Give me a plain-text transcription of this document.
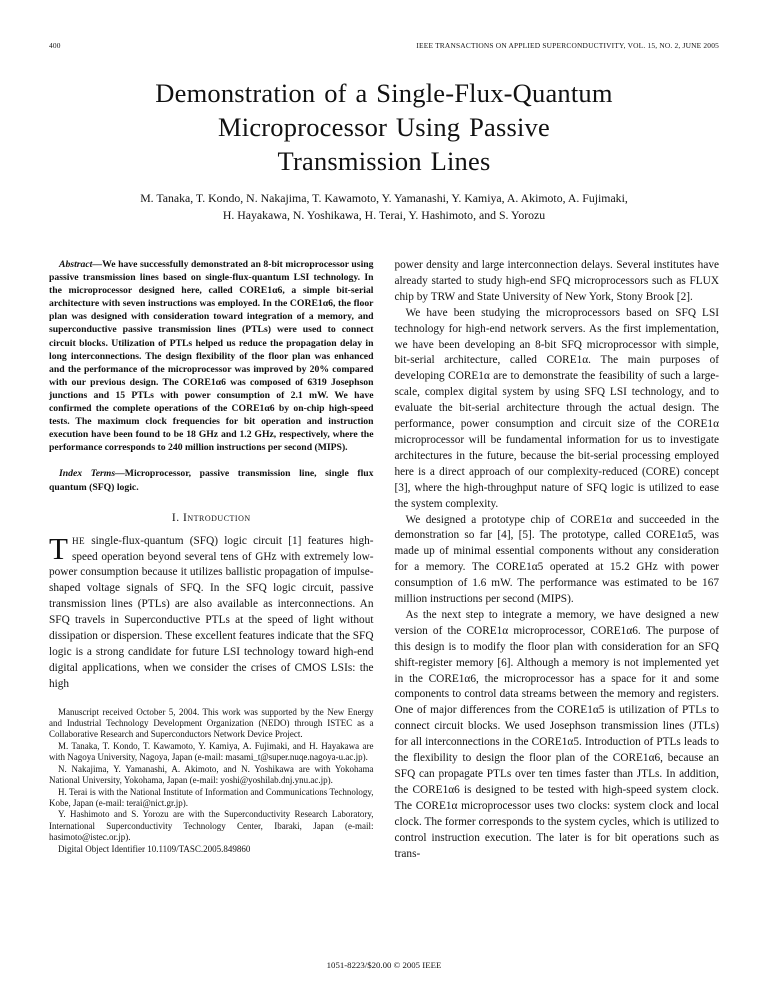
400	IEEE TRANSACTIONS ON APPLIED SUPERCONDUCTIVITY, VOL. 15, NO. 2, JUNE 2005
Demonstration of a Single-Flux-Quantum
Microprocessor Using Passive
Transmission Lines
M. Tanaka, T. Kondo, N. Nakajima, T. Kawamoto, Y. Yamanashi, Y. Kamiya, A. Akimoto, A. Fujimaki,
H. Hayakawa, N. Yoshikawa, H. Terai, Y. Hashimoto, and S. Yorozu

Abstract—We have successfully demonstrated an 8-bit microprocessor using passive transmission lines based on single-flux-quantum LSI technology. In the microprocessor designed here, called CORE1α6, a simple bit-serial architecture with seven instructions was employed. In the CORE1α6, the floor plan was designed with consideration toward integration of a memory, and superconductive passive transmission lines (PTLs) were used to connect circuit blocks. Utilization of PTLs helped us reduce the propagation delay in long interconnections. The design flexibility of the floor plan was enhanced and the performance of the microprocessor was improved by 20% compared with our previous design. The CORE1α6 was composed of 6319 Josephson junctions and 15 PTLs with power consumption of 2.1 mW. We have confirmed the complete operations of the CORE1α6 by on-chip high-speed tests. The maximum clock frequencies for bit operation and instruction execution have been found to be 18 GHz and 1.2 GHz, respectively, where the performance corresponds to 240 million instructions per second (MIPS).

Index Terms—Microprocessor, passive transmission line, single flux quantum (SFQ) logic.

I. Introduction

THE single-flux-quantum (SFQ) logic circuit [1] features high-speed operation beyond several tens of GHz with extremely low-power consumption because it utilizes ballistic propagation of impulse-shaped voltage signals of SFQ. In the SFQ logic circuit, passive transmission lines (PTLs) are also available as interconnections. An SFQ travels in Superconductive PTLs at the speed of light without dissipation or dispersion. These excellent features indicate that the SFQ logic is a strong candidate for future LSI technology toward high-end digital applications, when we consider the crises of CMOS LSIs: the high

Manuscript received October 5, 2004. This work was supported by the New Energy and Industrial Technology Development Organization (NEDO) through ISTEC as a Collaborative Research and Superconductors Network Device Project.

M. Tanaka, T. Kondo, T. Kawamoto, Y. Kamiya, A. Fujimaki, and H. Hayakawa are with Nagoya University, Nagoya, Japan (e-mail: masami_t@super.nuqe.nagoya-u.ac.jp).

N. Nakajima, Y. Yamanashi, A. Akimoto, and N. Yoshikawa are with Yokohama National University, Yokohama, Japan (e-mail: yoshi@yoshilab.dnj.ynu.ac.jp).

H. Terai is with the National Institute of Information and Communications Technology, Kobe, Japan (e-mail: terai@nict.gr.jp).

Y. Hashimoto and S. Yorozu are with the Superconductivity Research Laboratory, International Superconductivity Technology Center, Ibaraki, Japan (e-mail: hasimoto@istec.or.jp).

Digital Object Identifier 10.1109/TASC.2005.849860

power density and large interconnection delays. Several institutes have already started to study high-end SFQ microprocessors such as FLUX chip by TRW and State University of New York, Stony Brook [2].

We have been studying the microprocessors based on SFQ LSI technology for high-end network servers. As the first implementation, we have been developing an 8-bit SFQ microprocessor with simple, bit-serial architecture, called CORE1α. The main purposes of developing CORE1α are to demonstrate the feasibility of such a large-scale, complex digital system by using SFQ LSI technology, and to evaluate the bit-serial architecture through the actual design. The performance, power consumption and circuit size of the CORE1α microprocessor will be fundamental information for us to investigate architectures in the future, because the bit-serial processing employed here is a direct approach of our complexity-reduced (CORE) concept [3], where the high-throughput nature of SFQ logic is utilized to ease the system complexity.

We designed a prototype chip of CORE1α and succeeded in the demonstration so far [4], [5]. The prototype, called CORE1α5, was made up of minimal essential components without any consideration for a memory. The CORE1α5 operated at 15.2 GHz with power consumption of 1.6 mW. The performance was estimated to be 167 million instructions per second (MIPS).

As the next step to integrate a memory, we have designed a new version of the CORE1α microprocessor, CORE1α6. The purpose of this design is to modify the floor plan with consideration for an SFQ shift-register memory [6]. Although a memory is not implemented yet in the CORE1α6, the microprocessor has a space for it and some components to control data streams between the memory and registers. One of major differences from the CORE1α5 is utilization of PTLs to connect circuit blocks. We used Josephson transmission lines (JTLs) for all interconnections in the CORE1α5. Introduction of PTLs leads to the flexibility to design the floor plan of the CORE1α6, because an SFQ can propagate PTLs over ten times faster than JTLs. In addition, the CORE1α6 is designed to be tested with high-speed system clock. The CORE1α microprocessor uses two clocks: system clock and local clock. The former corresponds to the system cycles, which is utilized to control instruction execution. The later is for bit operations such as trans-

1051-8223/$20.00 © 2005 IEEE
